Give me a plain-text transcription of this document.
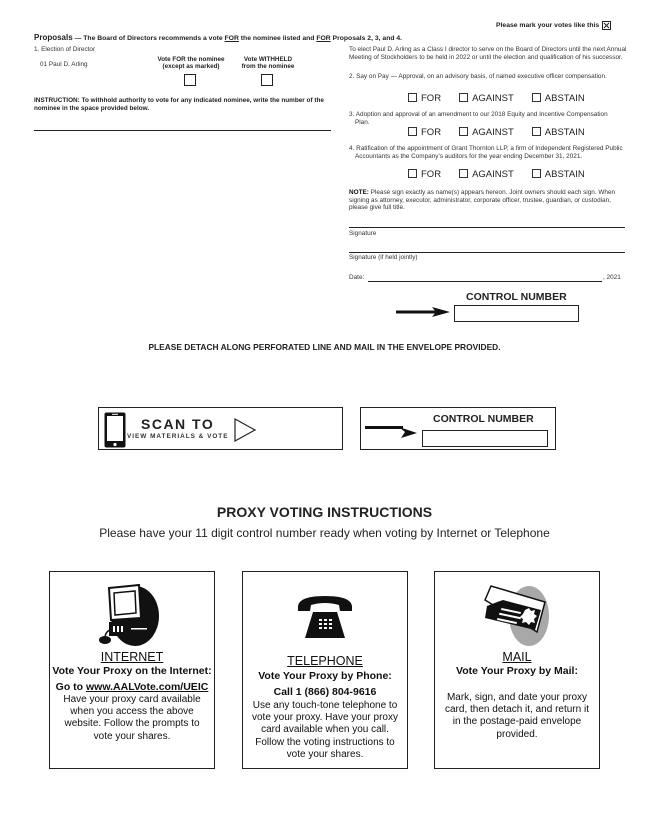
Please mark your votes like this
Proposals — The Board of Directors recommends a vote FOR the nominee listed and FOR Proposals 2, 3, and 4.
1. Election of Director
01 Paul D. Arling
Vote FOR the nominee
(except as marked)
Vote WITHHELD
from the nominee
INSTRUCTION: To withhold authority to vote for any indicated nominee, write the number of the nominee in the space provided below.
To elect Paul D. Arling as a Class I director to serve on the Board of Directors until the next Annual Meeting of Stockholders to be held in 2022 or until the election and qualification of his successor.
2. Say on Pay — Approval, on an advisory basis, of named executive officer compensation.
FOR	AGAINST	ABSTAIN
3. Adoption and approval of an amendment to our 2018 Equity and Incentive Compensation Plan.
FOR	AGAINST	ABSTAIN
4. Ratification of the appointment of Grant Thornton LLP, a firm of Independent Registered Public Accountants as the Company's auditors for the year ending December 31, 2021.
FOR	AGAINST	ABSTAIN
NOTE: Please sign exactly as name(s) appears hereon. Joint owners should each sign. When signing as attorney, executor, administrator, corporate officer, trustee, guardian, or custodian, please give full title.
Signature
Signature (if held jointly)
Date:	, 2021
CONTROL NUMBER
PLEASE DETACH ALONG PERFORATED LINE AND MAIL IN THE ENVELOPE PROVIDED.
SCAN TO
VIEW MATERIALS & VOTE
CONTROL NUMBER
PROXY VOTING INSTRUCTIONS
Please have your 11 digit control number ready when voting by Internet or Telephone
INTERNET
Vote Your Proxy on the Internet:
Go to www.AALVote.com/UEIC
Have your proxy card available when you access the above website. Follow the prompts to vote your shares.
TELEPHONE
Vote Your Proxy by Phone: Call 1 (866) 804-9616
Use any touch-tone telephone to vote your proxy. Have your proxy card available when you call. Follow the voting instructions to vote your shares.
MAIL
Vote Your Proxy by Mail:
Mark, sign, and date your proxy card, then detach it, and return it in the postage-paid envelope provided.
